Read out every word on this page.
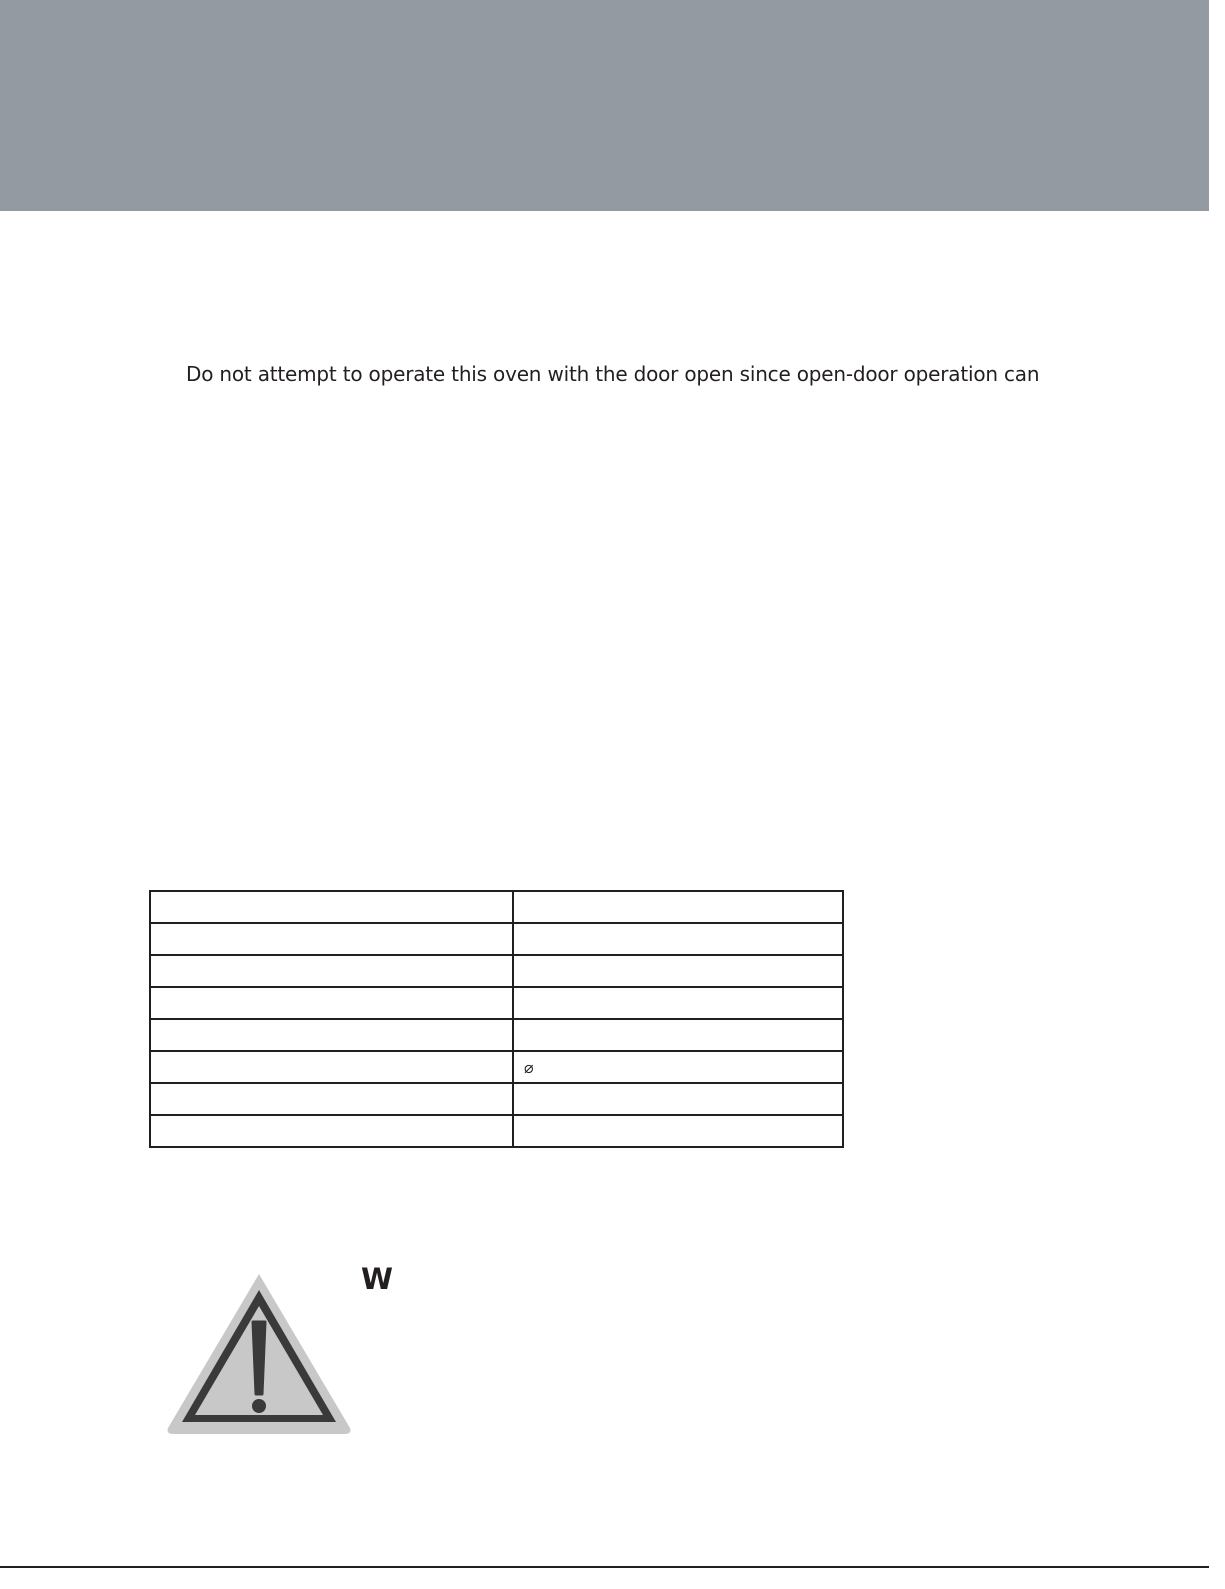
Do not attempt to operate this oven with the door open since open-door operation can

	⌀

W
